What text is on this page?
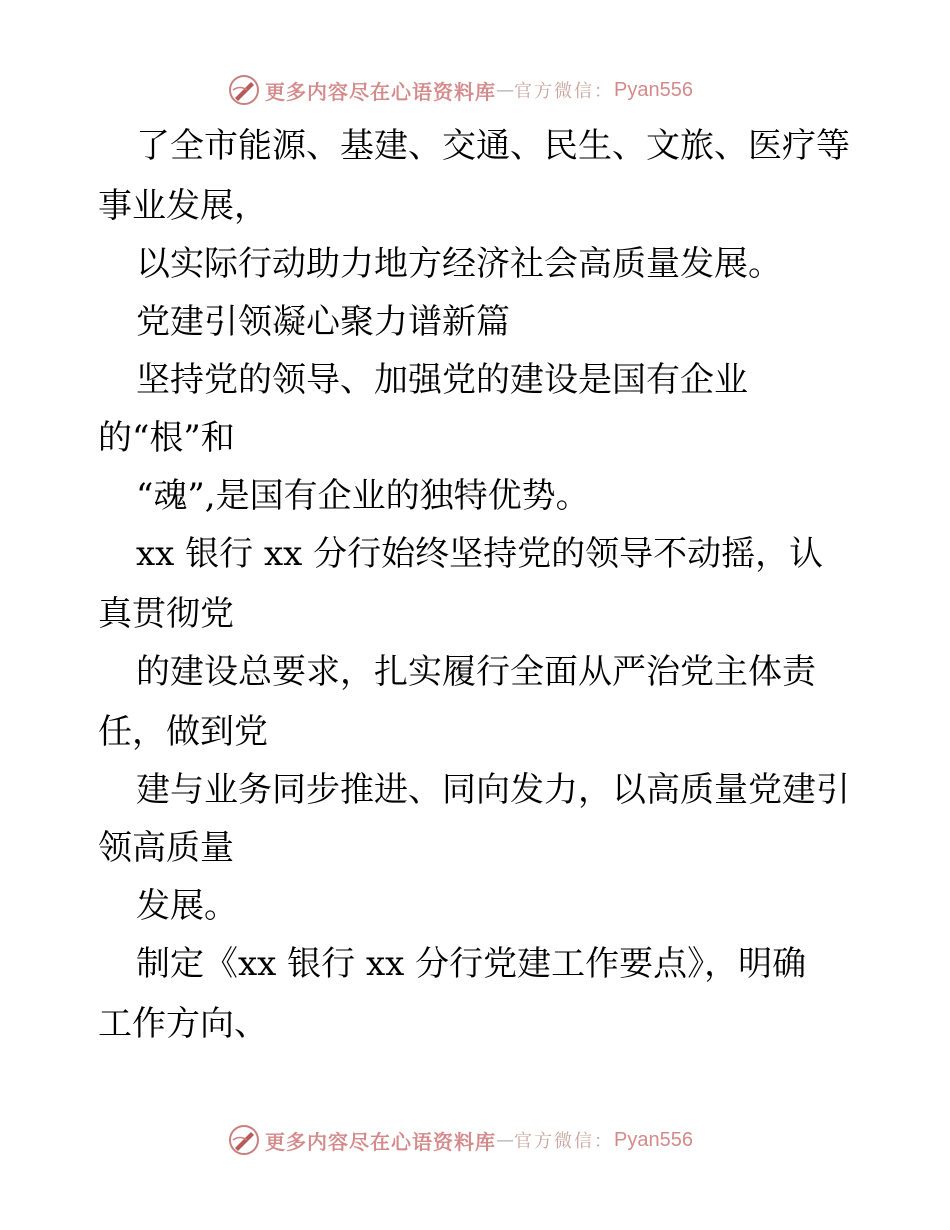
更多内容尽在心语资料库 — 官方微信： Pyan556

了全市能源、基建、交通、民生、文旅、医疗等

事业发展，

以实际行动助力地方经济社会高质量发展。

党建引领凝心聚力谱新篇

坚持党的领导、加强党的建设是国有企业

的“根”和

“魂”,是国有企业的独特优势。

xx 银行 xx 分行始终坚持党的领导不动摇，认

真贯彻党

的建设总要求，扎实履行全面从严治党主体责

任，做到党

建与业务同步推进、同向发力，以高质量党建引

领高质量

发展。

制定《xx 银行 xx 分行党建工作要点》，明确

工作方向、

更多内容尽在心语资料库 — 官方微信： Pyan556
